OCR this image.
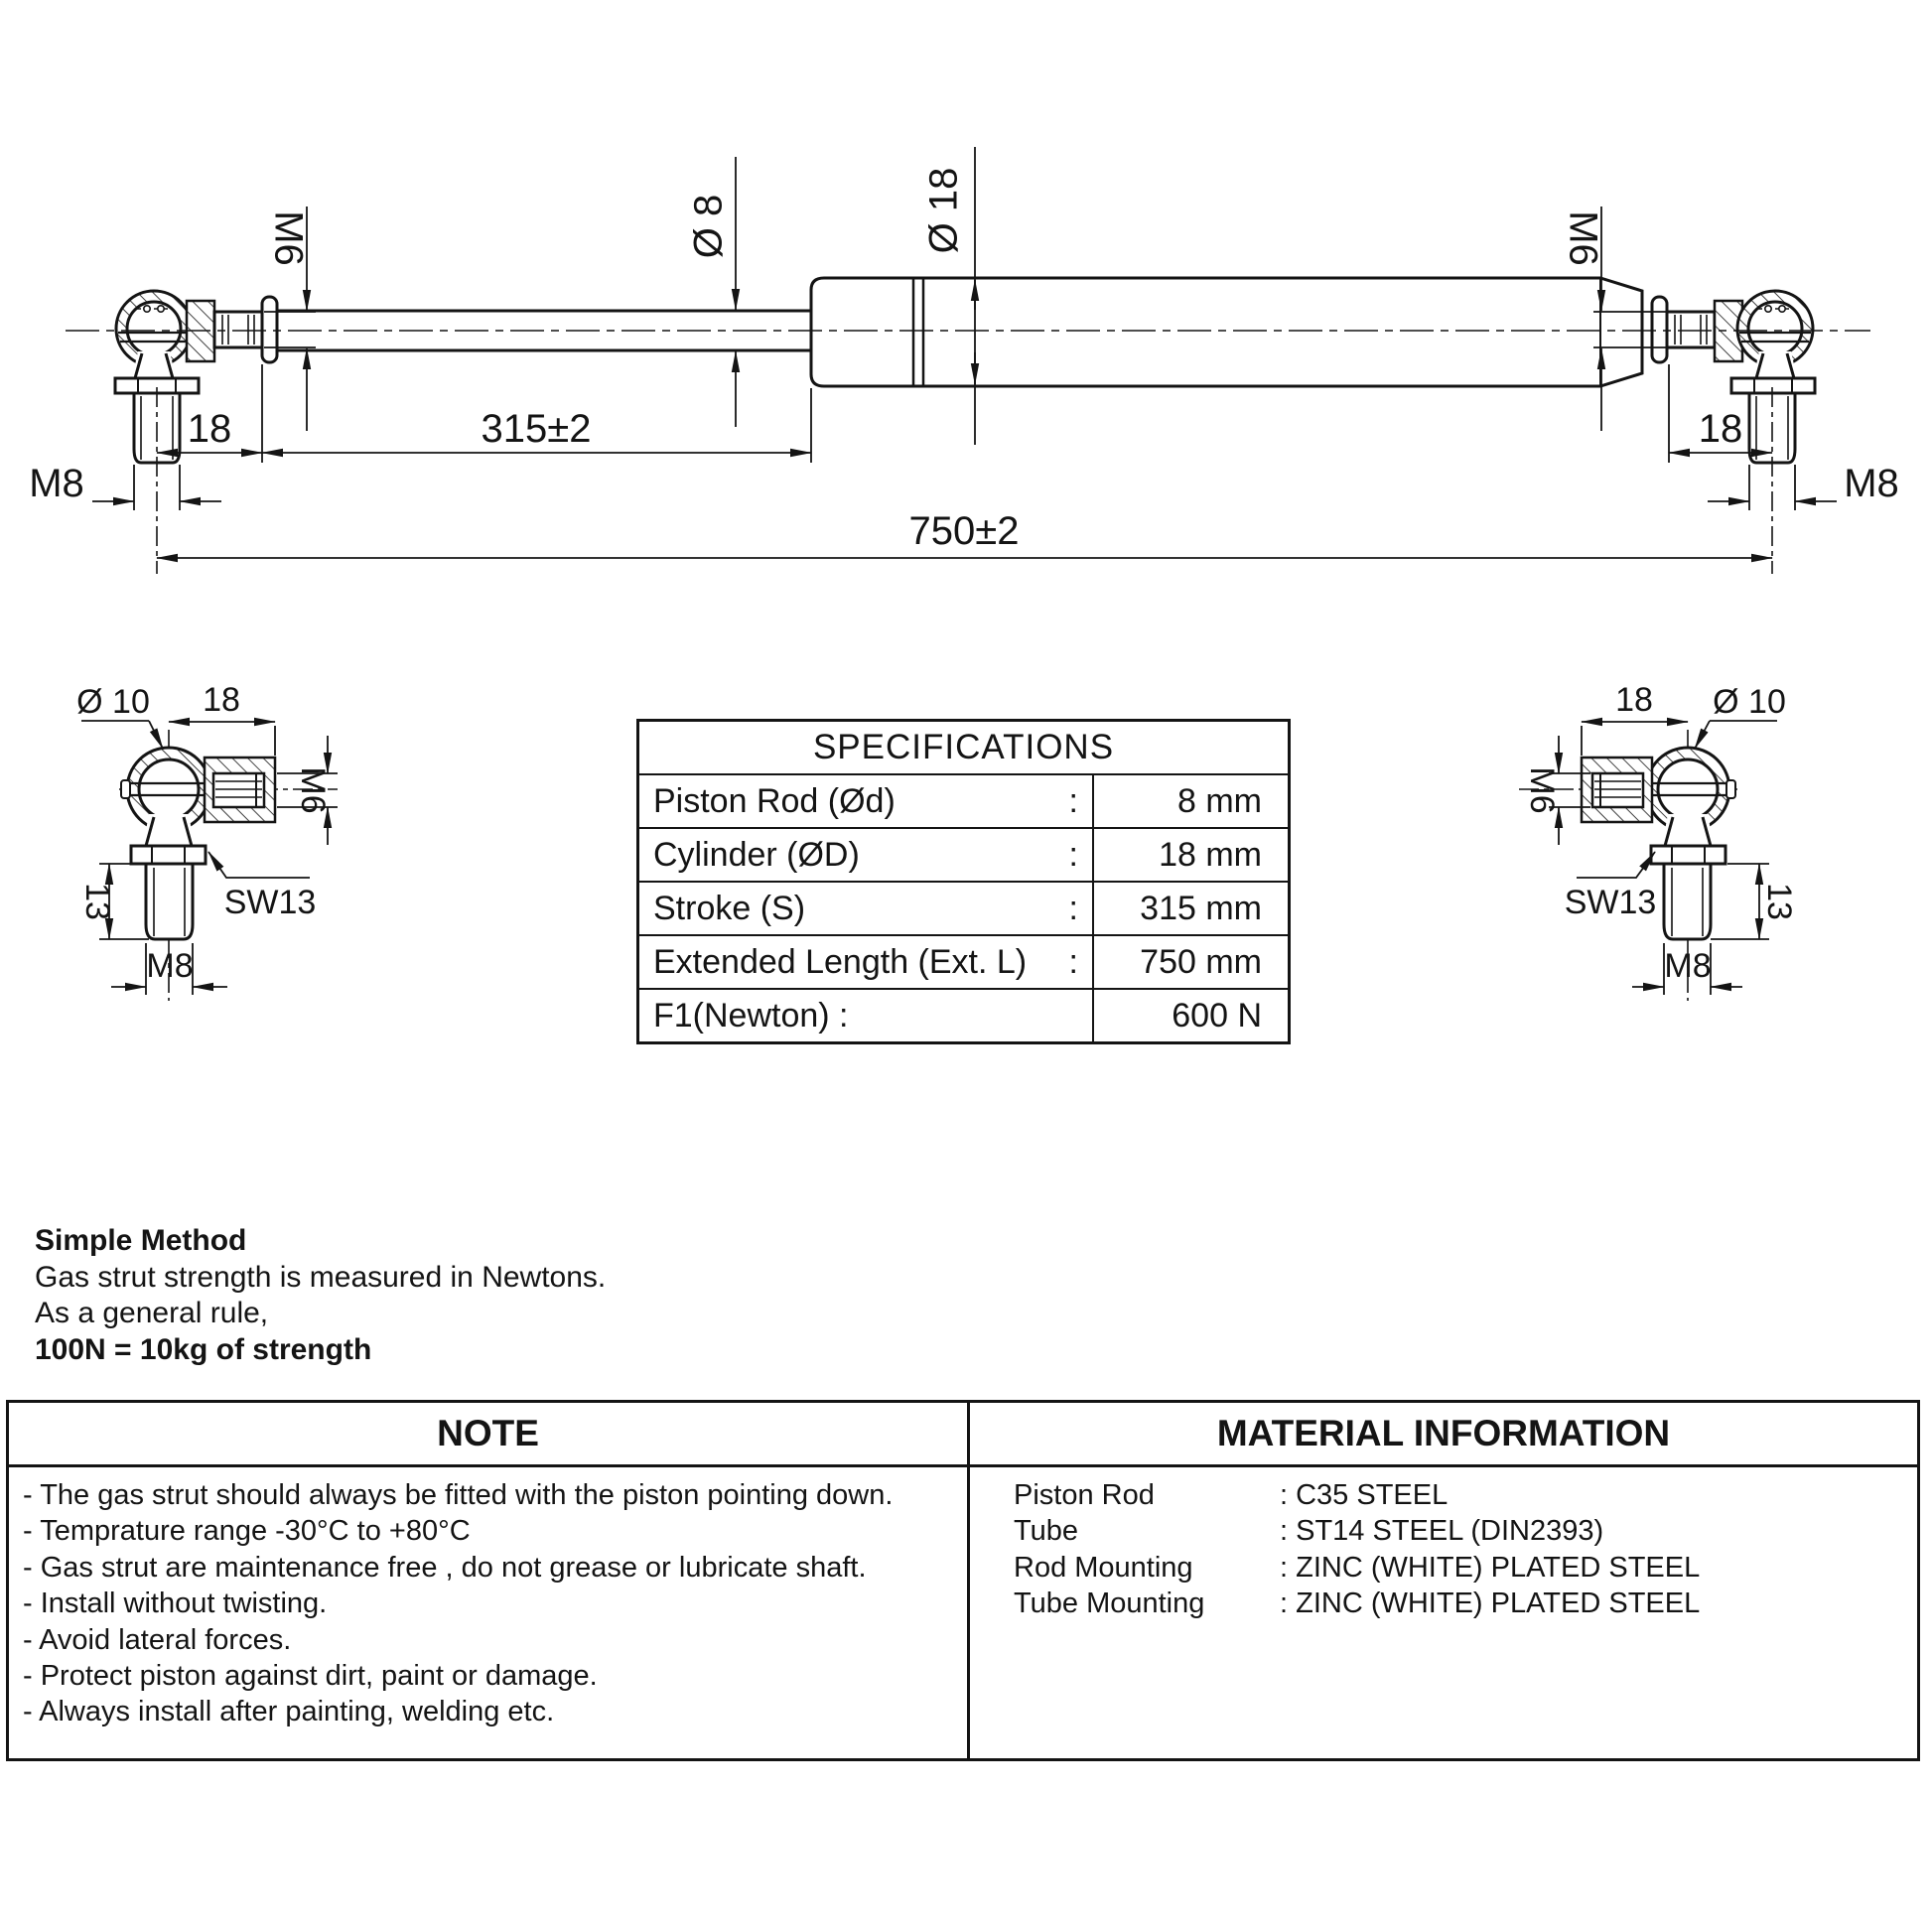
M6	Ø 8	Ø 18	M6
18	315±2	18
M8	M8
750±2
Ø 10 18
M6
SW13
13
M8
18 Ø 10
M6
SW13	13
M8
SPECIFICATIONS
Piston Rod (Ød)	:	8 mm
Cylinder (ØD)	:	18 mm
Stroke (S)	:	315 mm
Extended Length (Ext. L) :	750 mm
F1(Newton) :	600 N
Simple Method
Gas strut strength is measured in Newtons.
As a general rule,
100N = 10kg of strength
NOTE	MATERIAL INFORMATION
- The gas strut should always be fitted with the piston pointing down.
- Temprature range -30°C to +80°C
- Gas strut are maintenance free , do not grease or lubricate shaft.
- Install without twisting.
- Avoid lateral forces.
- Protect piston against dirt, paint or damage.
- Always install after painting, welding etc.
Piston Rod	: C35 STEEL
Tube	: ST14 STEEL (DIN2393)
Rod Mounting	: ZINC (WHITE) PLATED STEEL
Tube Mounting	: ZINC (WHITE) PLATED STEEL
